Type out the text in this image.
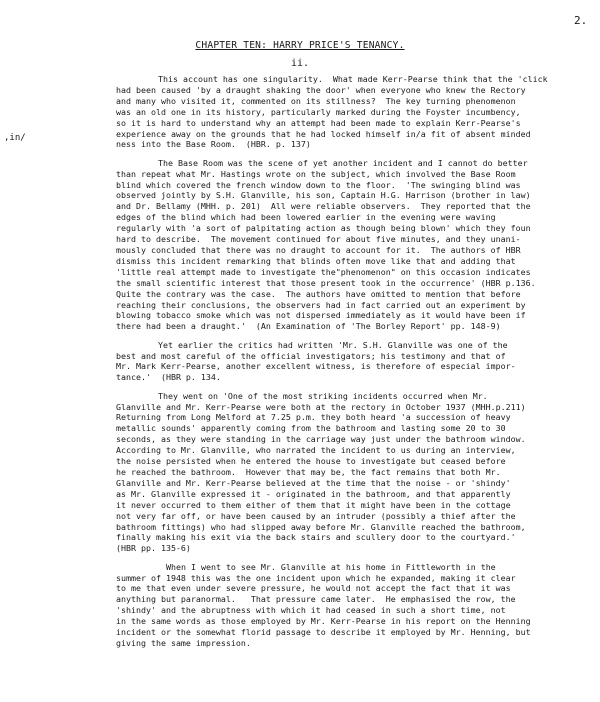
2.
CHAPTER TEN: HARRY PRICE'S TENANCY.
ii.
,in/
This account has one singularity.  What made Kerr-Pearse think that the 'click
had been caused 'by a draught shaking the door' when everyone who knew the Rectory
and many who visited it, commented on its stillness?  The key turning phenomenon
was an old one in its history, particularly marked during the Foyster incumbency,
so it is hard to understand why an attempt had been made to explain Kerr-Pearse's
experience away on the grounds that he had locked himself in/a fit of absent minded
ness into the Base Room.  (HBR. p. 137)
The Base Room was the scene of yet another incident and I cannot do better
than repeat what Mr. Hastings wrote on the subject, which involved the Base Room
blind which covered the french window down to the floor.  'The swinging blind was
observed jointly by S.H. Glanville, his son, Captain H.G. Harrison (brother in law)
and Dr. Bellamy (MHH. p. 201)  All were reliable observers.  They reported that the
edges of the blind which had been lowered earlier in the evening were waving
regularly with 'a sort of palpitating action as though being blown' which they foun
hard to describe.  The movement continued for about five minutes, and they unani-
mously concluded that there was no draught to account for it.  The authors of HBR
dismiss this incident remarking that blinds often move like that and adding that
'little real attempt made to investigate the"phenomenon" on this occasion indicates
the small scientific interest that those present took in the occurrence' (HBR p.136.
Quite the contrary was the case.  The authors have omitted to mention that before
reaching their conclusions, the observers had in fact carried out an experiment by
blowing tobacco smoke which was not dispersed immediately as it would have been if
there had been a draught.'  (An Examination of 'The Borley Report' pp. 148-9)
Yet earlier the critics had written 'Mr. S.H. Glanville was one of the
best and most careful of the official investigators; his testimony and that of
Mr. Mark Kerr-Pearse, another excellent witness, is therefore of especial impor-
tance.'  (HBR p. 134.
They went on 'One of the most striking incidents occurred when Mr.
Glanville and Mr. Kerr-Pearse were both at the rectory in October 1937 (MHH.p.211)
Returning from Long Melford at 7.25 p.m. they both heard 'a succession of heavy
metallic sounds' apparently coming from the bathroom and lasting some 20 to 30
seconds, as they were standing in the carriage way just under the bathroom window.
According to Mr. Glanville, who narrated the incident to us during an interview,
the noise persisted when he entered the house to investigate but ceased before
he reached the bathroom.  However that may be, the fact remains that both Mr.
Glanville and Mr. Kerr-Pearse believed at the time that the noise - or 'shindy'
as Mr. Glanville expressed it - originated in the bathroom, and that apparently
it never occurred to them either of them that it might have been in the cottage
not very far off, or have been caused by an intruder (possibly a thief after the
bathroom fittings) who had slipped away before Mr. Glanville reached the bathroom,
finally making his exit via the back stairs and scullery door to the courtyard.'
(HBR pp. 135-6)
When I went to see Mr. Glanville at his home in Fittleworth in the
summer of 1948 this was the one incident upon which he expanded, making it clear
to me that even under severe pressure, he would not accept the fact that it was
anything but paranormal.   That pressure came later.  He emphasised the row, the
'shindy' and the abruptness with which it had ceased in such a short time, not
in the same words as those employed by Mr. Kerr-Pearse in his report on the Henning
incident or the somewhat florid passage to describe it employed by Mr. Henning, but
giving the same impression.
